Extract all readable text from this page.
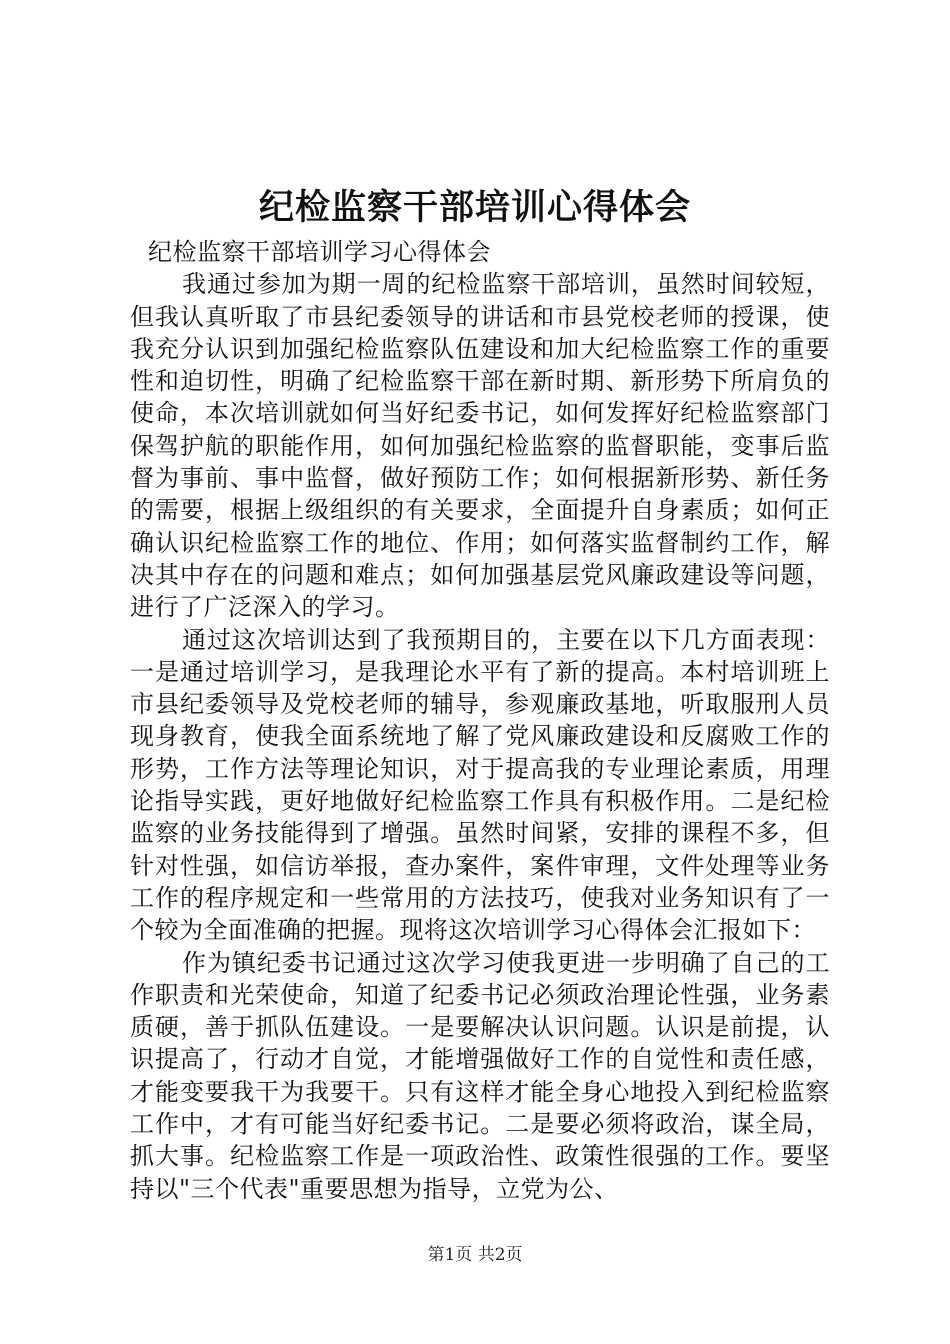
纪检监察干部培训心得体会

纪检监察干部培训学习心得体会

我通过参加为期一周的纪检监察干部培训，虽然时间较短，但我认真听取了市县纪委领导的讲话和市县党校老师的授课，使我充分认识到加强纪检监察队伍建设和加大纪检监察工作的重要性和迫切性，明确了纪检监察干部在新时期、新形势下所肩负的使命，本次培训就如何当好纪委书记，如何发挥好纪检监察部门保驾护航的职能作用，如何加强纪检监察的监督职能，变事后监督为事前、事中监督，做好预防工作；如何根据新形势、新任务的需要，根据上级组织的有关要求，全面提升自身素质；如何正确认识纪检监察工作的地位、作用；如何落实监督制约工作，解决其中存在的问题和难点；如何加强基层党风廉政建设等问题，进行了广泛深入的学习。

通过这次培训达到了我预期目的，主要在以下几方面表现：一是通过培训学习，是我理论水平有了新的提高。本村培训班上市县纪委领导及党校老师的辅导，参观廉政基地，听取服刑人员现身教育，使我全面系统地了解了党风廉政建设和反腐败工作的形势，工作方法等理论知识，对于提高我的专业理论素质，用理论指导实践，更好地做好纪检监察工作具有积极作用。二是纪检监察的业务技能得到了增强。虽然时间紧，安排的课程不多，但针对性强，如信访举报，查办案件，案件审理，文件处理等业务工作的程序规定和一些常用的方法技巧，使我对业务知识有了一个较为全面准确的把握。现将这次培训学习心得体会汇报如下：

作为镇纪委书记通过这次学习使我更进一步明确了自己的工作职责和光荣使命，知道了纪委书记必须政治理论性强，业务素质硬，善于抓队伍建设。一是要解决认识问题。认识是前提，认识提高了，行动才自觉，才能增强做好工作的自觉性和责任感，才能变要我干为我要干。只有这样才能全身心地投入到纪检监察工作中，才有可能当好纪委书记。二是要必须将政治，谋全局，抓大事。纪检监察工作是一项政治性、政策性很强的工作。要坚持以"三个代表"重要思想为指导，立党为公、

第1页 共2页
